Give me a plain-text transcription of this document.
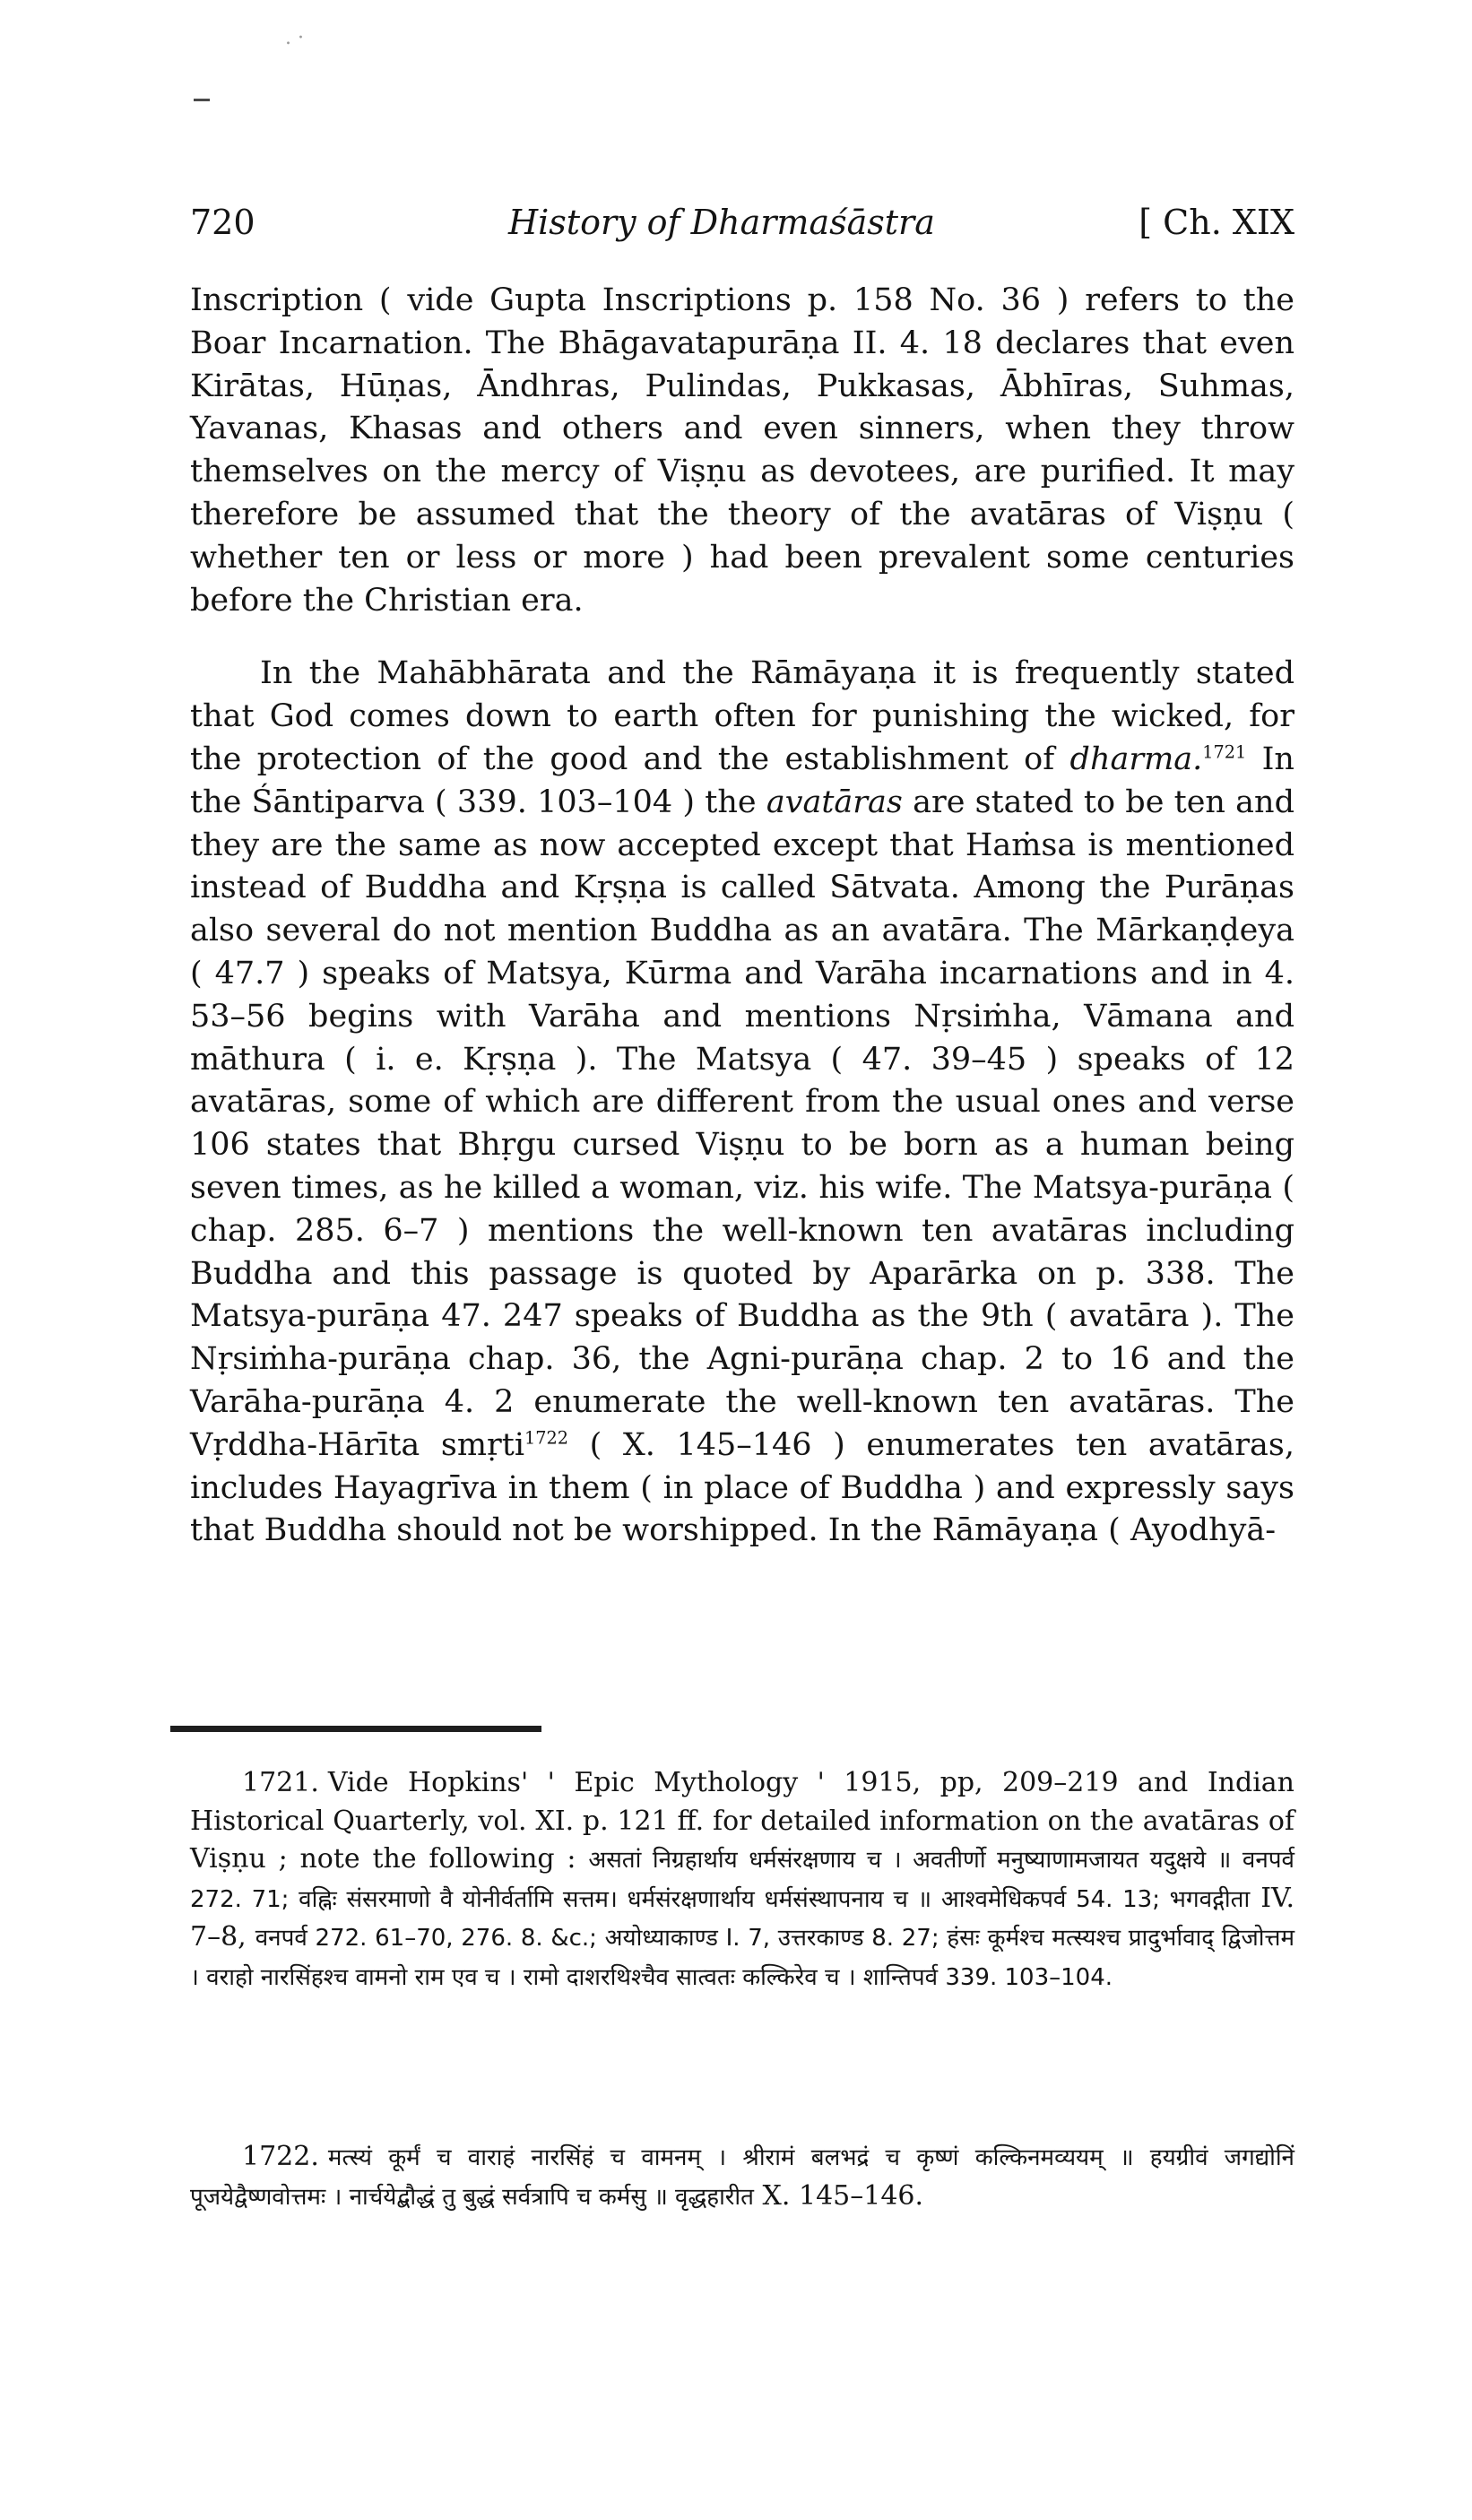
. ·
720	History of Dharmaśāstra	[ Ch. XIX

Inscription ( vide Gupta Inscriptions p. 158 No. 36 ) refers to the Boar Incarnation. The Bhāgavatapurāṇa II. 4. 18 declares that even Kirātas, Hūṇas, Āndhras, Pulindas, Pukkasas, Ābhīras, Suhmas, Yavanas, Khasas and others and even sinners, when they throw themselves on the mercy of Viṣṇu as devotees, are purified. It may therefore be assumed that the theory of the avatāras of Viṣṇu ( whether ten or less or more ) had been prevalent some centuries before the Christian era.

In the Mahābhārata and the Rāmāyaṇa it is frequently stated that God comes down to earth often for punishing the wicked, for the protection of the good and the establishment of dharma.$^{1721}$ In the Śāntiparva ( 339. 103–104 ) the avatāras are stated to be ten and they are the same as now accepted except that Haṁsa is mentioned instead of Buddha and Kṛṣṇa is called Sātvata. Among the Purāṇas also several do not mention Buddha as an avatāra. The Mārkaṇḍeya ( 47.7 ) speaks of Matsya, Kūrma and Varāha incarnations and in 4. 53–56 begins with Varāha and mentions Nṛsiṁha, Vāmana and māthura ( i. e. Kṛṣṇa ). The Matsya ( 47. 39–45 ) speaks of 12 avatāras, some of which are different from the usual ones and verse 106 states that Bhṛgu cursed Viṣṇu to be born as a human being seven times, as he killed a woman, viz. his wife. The Matsya-purāṇa ( chap. 285. 6–7 ) mentions the well-known ten avatāras including Buddha and this passage is quoted by Aparārka on p. 338. The Matsya-purāṇa 47. 247 speaks of Buddha as the 9th ( avatāra ). The Nṛsiṁha-purāṇa chap. 36, the Agni-purāṇa chap. 2 to 16 and the Varāha-purāṇa 4. 2 enumerate the well-known ten avatāras. The Vṛddha-Hārīta smṛti$^{1722}$ ( X. 145–146 ) enumerates ten avatāras, includes Hayagrīva in them ( in place of Buddha ) and expressly says that Buddha should not be worshipped. In the Rāmāyaṇa ( Ayodhyā-

1721. Vide Hopkins' ' Epic Mythology ' 1915, pp, 209–219 and Indian Historical Quarterly, vol. XI. p. 121 ff. for detailed information on the avatāras of Viṣṇu ; note the following : असतां निग्रहार्थाय धर्मसंरक्षणाय च । अवतीर्णो मनुष्याणामजायत यदुक्षये ॥ वनपर्व 272. 71; वह्निः संसरमाणो वै योनीर्वर्तामि सत्तम। धर्मसंरक्षणार्थाय धर्मसंस्थापनाय च ॥ आश्वमेधिकपर्व 54. 13; भगवद्गीता IV. 7–8, वनपर्व 272. 61–70, 276. 8. &c.; अयोध्याकाण्ड I. 7, उत्तरकाण्ड 8. 27; हंसः कूर्मश्च मत्स्यश्च प्रादुर्भावाद् द्विजोत्तम । वराहो नारसिंहश्च वामनो राम एव च । रामो दाशरथिश्चैव सात्वतः कल्किरेव च । शान्तिपर्व 339. 103–104.
1722. मत्स्यं कूर्मं च वाराहं नारसिंहं च वामनम् । श्रीरामं बलभद्रं च कृष्णं कल्किनमव्ययम् ॥ हयग्रीवं जगद्योनिं पूजयेद्वैष्णवोत्तमः । नार्चयेद्बौद्धं तु बुद्धं सर्वत्रापि च कर्मसु ॥ वृद्धहारीत X. 145–146.
